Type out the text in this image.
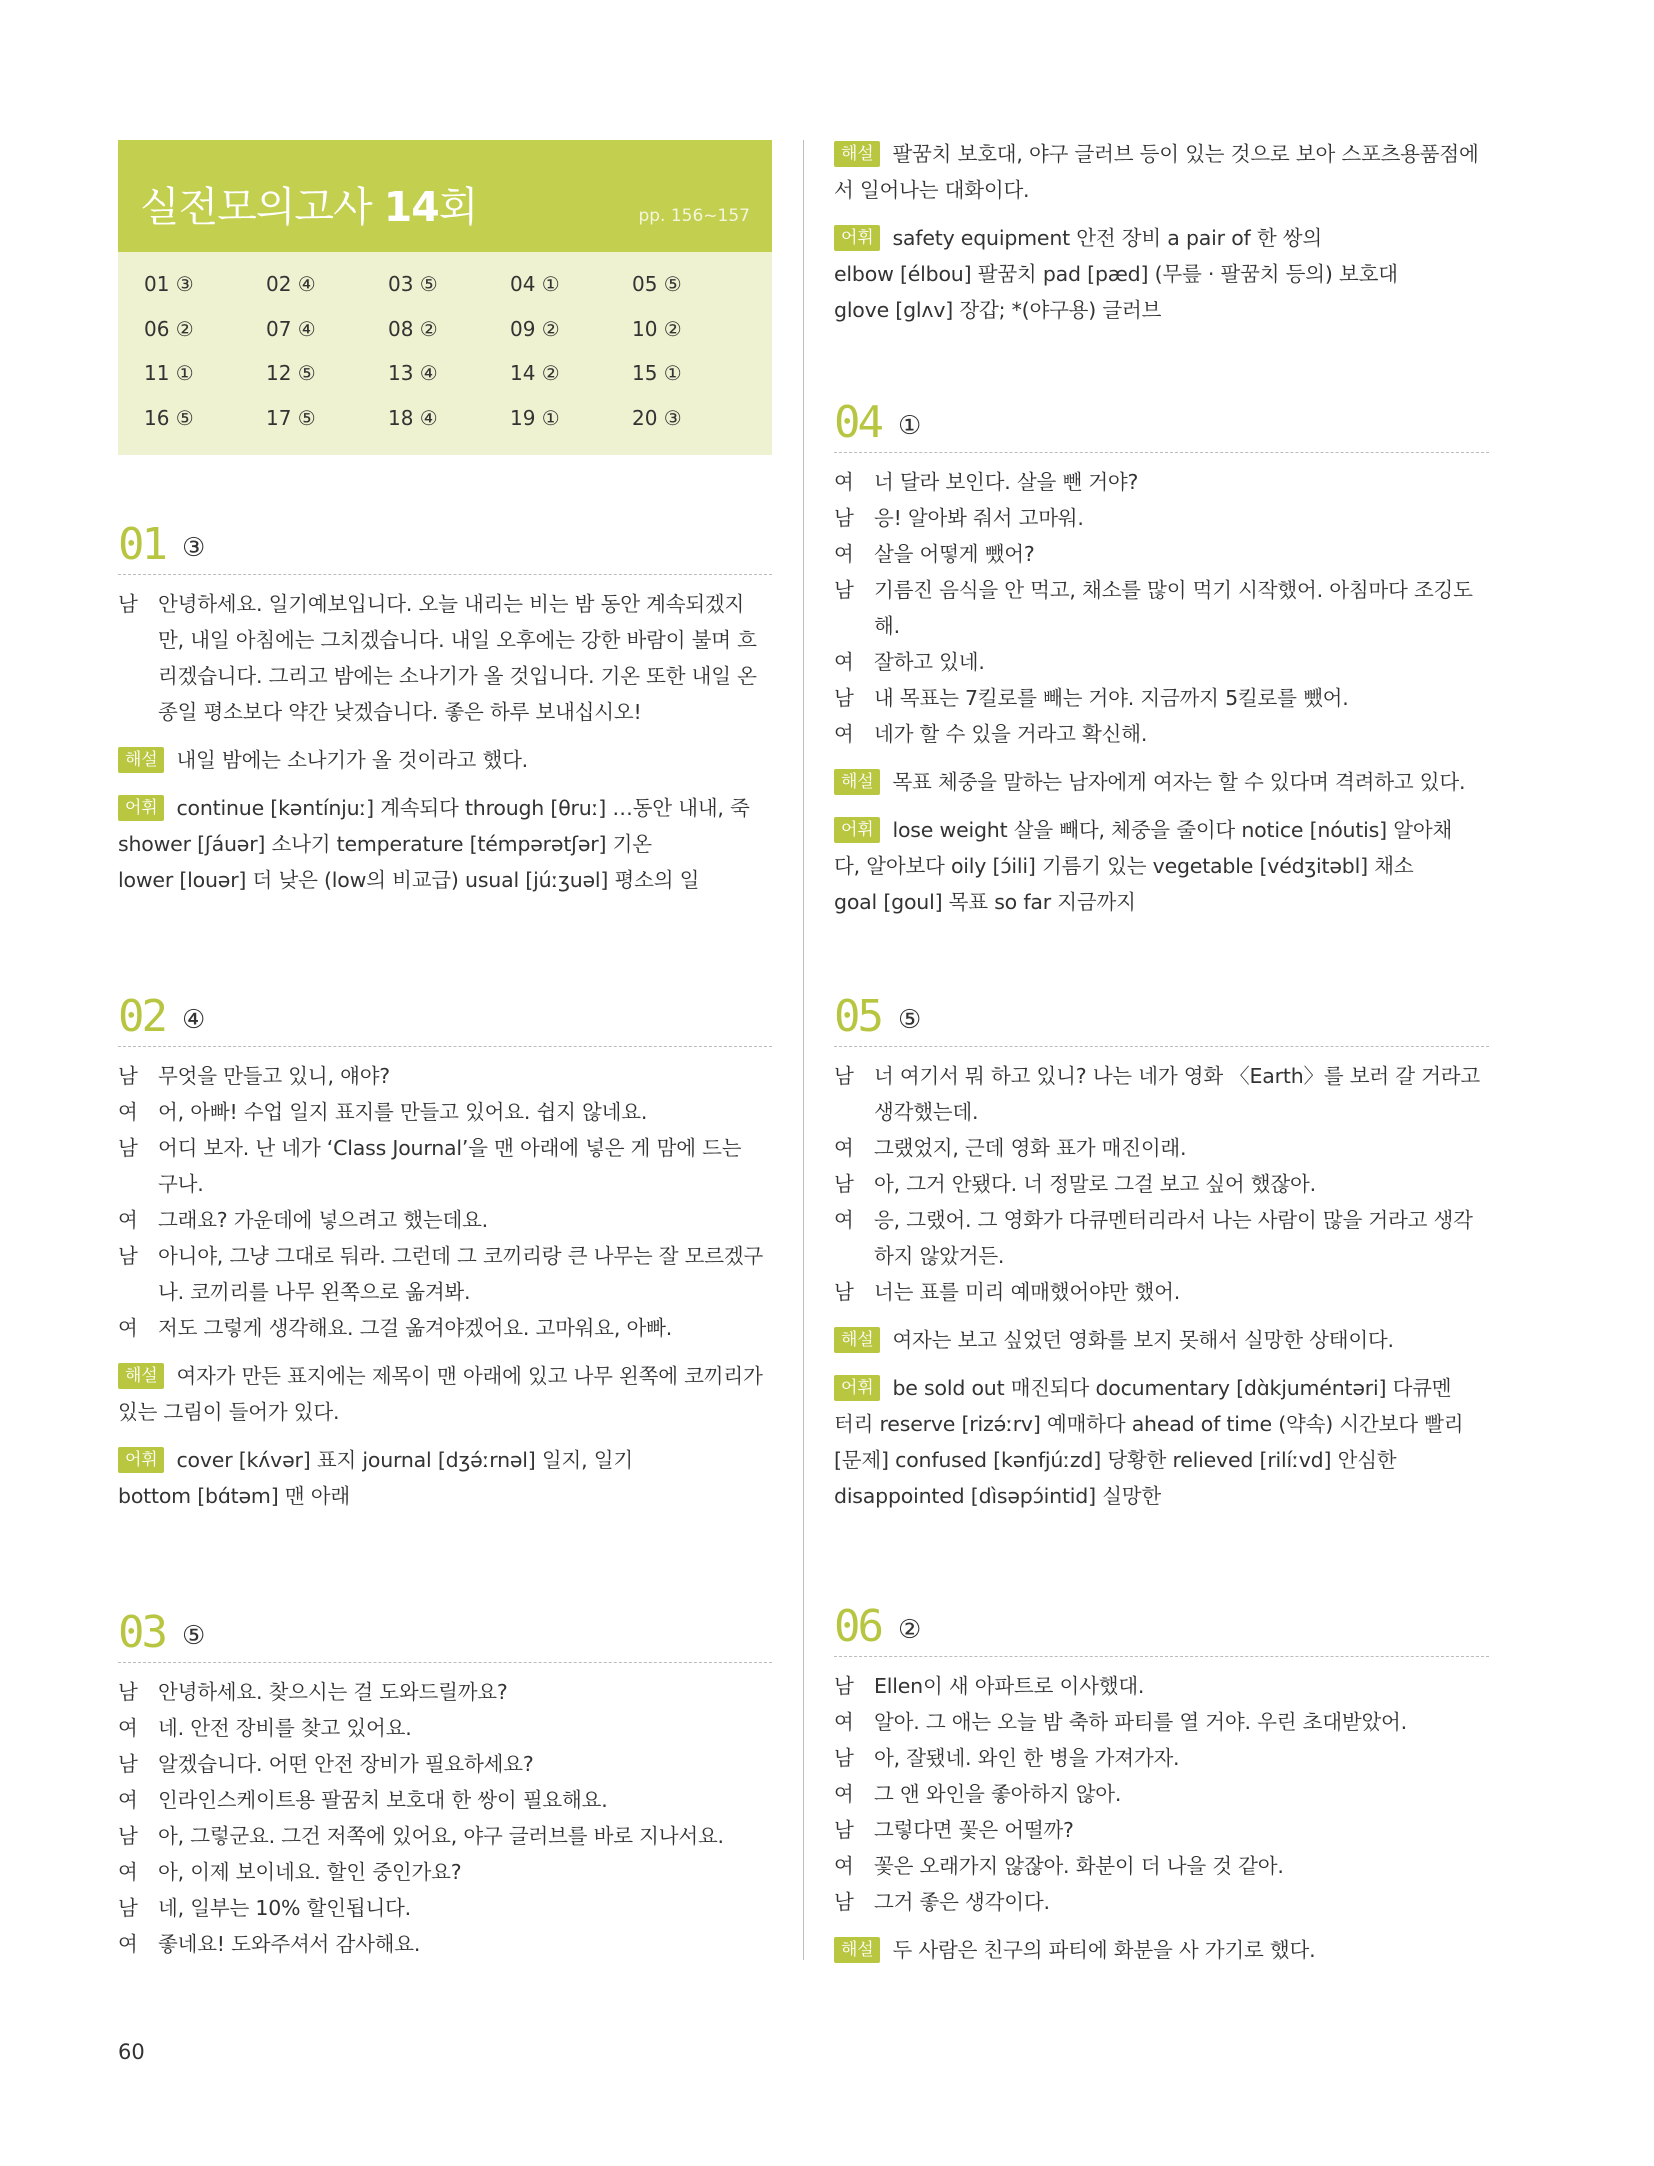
실전모의고사 14회	pp. 156~157
01 ③	02 ④	03 ⑤	04 ①	05 ⑤
06 ②	07 ④	08 ②	09 ②	10 ②
11 ①	12 ⑤	13 ④	14 ②	15 ①
16 ⑤	17 ⑤	18 ④	19 ①	20 ③
01 ③
남 안녕하세요. 일기예보입니다. 오늘 내리는 비는 밤 동안 계속되겠지
만, 내일 아침에는 그치겠습니다. 내일 오후에는 강한 바람이 불며 흐
리겠습니다. 그리고 밤에는 소나기가 올 것입니다. 기온 또한 내일 온
종일 평소보다 약간 낮겠습니다. 좋은 하루 보내십시오!
해설 내일 밤에는 소나기가 올 것이라고 했다.
어휘 continue [kəntínjuː] 계속되다 through [θruː] …동안 내내, 죽
shower [ʃáuər] 소나기 temperature [témpərətʃər] 기온
lower [louər] 더 낮은 (low의 비교급) usual [júːʒuəl] 평소의 일
02 ④
남 무엇을 만들고 있니, 얘야?
여 어, 아빠! 수업 일지 표지를 만들고 있어요. 쉽지 않네요.
남 어디 보자. 난 네가 ‘Class Journal’을 맨 아래에 넣은 게 맘에 드는
구나.
여 그래요? 가운데에 넣으려고 했는데요.
남 아니야, 그냥 그대로 둬라. 그런데 그 코끼리랑 큰 나무는 잘 모르겠구
나. 코끼리를 나무 왼쪽으로 옮겨봐.
여 저도 그렇게 생각해요. 그걸 옮겨야겠어요. 고마워요, 아빠.
해설 여자가 만든 표지에는 제목이 맨 아래에 있고 나무 왼쪽에 코끼리가
있는 그림이 들어가 있다.
어휘 cover [kʌ́vər] 표지 journal [dʒə́ːrnəl] 일지, 일기
bottom [bɑ́təm] 맨 아래
03 ⑤
남 안녕하세요. 찾으시는 걸 도와드릴까요?
여 네. 안전 장비를 찾고 있어요.
남 알겠습니다. 어떤 안전 장비가 필요하세요?
여 인라인스케이트용 팔꿈치 보호대 한 쌍이 필요해요.
남 아, 그렇군요. 그건 저쪽에 있어요, 야구 글러브를 바로 지나서요.
여 아, 이제 보이네요. 할인 중인가요?
남 네, 일부는 10% 할인됩니다.
여 좋네요! 도와주셔서 감사해요.
60
해설 팔꿈치 보호대, 야구 글러브 등이 있는 것으로 보아 스포츠용품점에
서 일어나는 대화이다.
어휘 safety equipment 안전 장비 a pair of 한 쌍의
elbow [élbou] 팔꿈치 pad [pæd] (무릎 · 팔꿈치 등의) 보호대
glove [glʌv] 장갑; *(야구용) 글러브
04 ①
여 너 달라 보인다. 살을 뺀 거야?
남 응! 알아봐 줘서 고마워.
여 살을 어떻게 뺐어?
남 기름진 음식을 안 먹고, 채소를 많이 먹기 시작했어. 아침마다 조깅도
해.
여 잘하고 있네.
남 내 목표는 7킬로를 빼는 거야. 지금까지 5킬로를 뺐어.
여 네가 할 수 있을 거라고 확신해.
해설 목표 체중을 말하는 남자에게 여자는 할 수 있다며 격려하고 있다.
어휘 lose weight 살을 빼다, 체중을 줄이다 notice [nóutis] 알아채
다, 알아보다 oily [ɔ́ili] 기름기 있는 vegetable [védʒitəbl] 채소
goal [goul] 목표 so far 지금까지
05 ⑤
남 너 여기서 뭐 하고 있니? 나는 네가 영화 〈Earth〉를 보러 갈 거라고
생각했는데.
여 그랬었지, 근데 영화 표가 매진이래.
남 아, 그거 안됐다. 너 정말로 그걸 보고 싶어 했잖아.
여 응, 그랬어. 그 영화가 다큐멘터리라서 나는 사람이 많을 거라고 생각
하지 않았거든.
남 너는 표를 미리 예매했어야만 했어.
해설 여자는 보고 싶었던 영화를 보지 못해서 실망한 상태이다.
어휘 be sold out 매진되다 documentary [dɑ̀kjuméntəri] 다큐멘
터리 reserve [rizə́ːrv] 예매하다 ahead of time (약속) 시간보다 빨리
[문제] confused [kənfjúːzd] 당황한 relieved [rilíːvd] 안심한
disappointed [dìsəpɔ́intid] 실망한
06 ②
남 Ellen이 새 아파트로 이사했대.
여 알아. 그 애는 오늘 밤 축하 파티를 열 거야. 우린 초대받았어.
남 아, 잘됐네. 와인 한 병을 가져가자.
여 그 앤 와인을 좋아하지 않아.
남 그렇다면 꽃은 어떨까?
여 꽃은 오래가지 않잖아. 화분이 더 나을 것 같아.
남 그거 좋은 생각이다.
해설 두 사람은 친구의 파티에 화분을 사 가기로 했다.
